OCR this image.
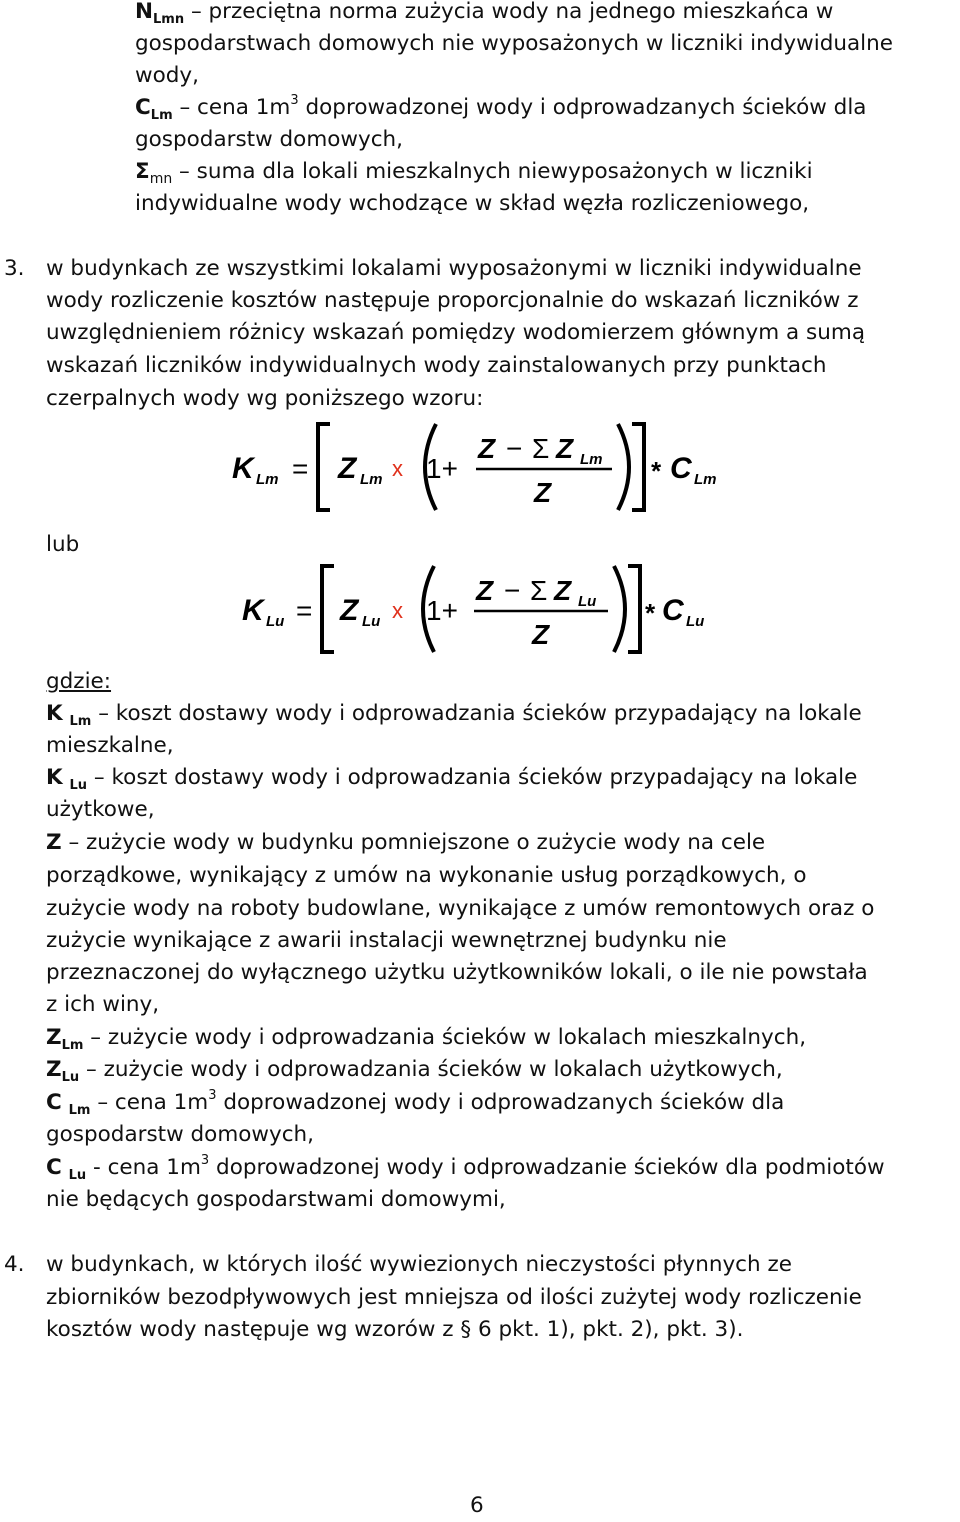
$N_{Lmn}$ – przeciętna norma zużycia wody na jednego mieszkańca w
gospodarstwach domowych nie wyposażonych w liczniki indywidualne
wody,
$C_{Lm}$ – cena $1m^3$ doprowadzonej wody i odprowadzanych ścieków dla
gospodarstw domowych,
$\Sigma_{mn}$ – suma dla lokali mieszkalnych niewyposażonych w liczniki
indywidualne wody wchodzące w skład węzła rozliczeniowego,
3. w budynkach ze wszystkimi lokalami wyposażonymi w liczniki indywidualne
wody rozliczenie kosztów następuje proporcjonalnie do wskazań liczników z
uwzględnieniem różnicy wskazań pomiędzy wodomierzem głównym a sumą
wskazań liczników indywidualnych wody zainstalowanych przy punktach
czerpalnych wody wg poniższego wzoru:
K Lm = Z Lm x 1+
Z − Σ Z Lm
Z
* C Lm
lub
K Lu = Z Lu x 1+
Z − Σ Z Lu
Z
* C Lu
gdzie:
K $_{Lm}$ – koszt dostawy wody i odprowadzania ścieków przypadający na lokale
mieszkalne,
K $_{Lu}$ – koszt dostawy wody i odprowadzania ścieków przypadający na lokale
użytkowe,
Z – zużycie wody w budynku pomniejszone o zużycie wody na cele
porządkowe, wynikający z umów na wykonanie usług porządkowych, o
zużycie wody na roboty budowlane, wynikające z umów remontowych oraz o
zużycie wynikające z awarii instalacji wewnętrznej budynku nie
przeznaczonej do wyłącznego użytku użytkowników lokali, o ile nie powstała
z ich winy,
$Z_{Lm}$ – zużycie wody i odprowadzania ścieków w lokalach mieszkalnych,
$Z_{Lu}$ – zużycie wody i odprowadzania ścieków w lokalach użytkowych,
C $_{Lm}$ – cena $1m^3$ doprowadzonej wody i odprowadzanych ścieków dla
gospodarstw domowych,
C $_{Lu}$ - cena $1m^3$ doprowadzonej wody i odprowadzanie ścieków dla podmiotów
nie będących gospodarstwami domowymi,
4. w budynkach, w których ilość wywiezionych nieczystości płynnych ze
zbiorników bezodpływowych jest mniejsza od ilości zużytej wody rozliczenie
kosztów wody następuje wg wzorów z § 6 pkt. 1), pkt. 2), pkt. 3).
6
